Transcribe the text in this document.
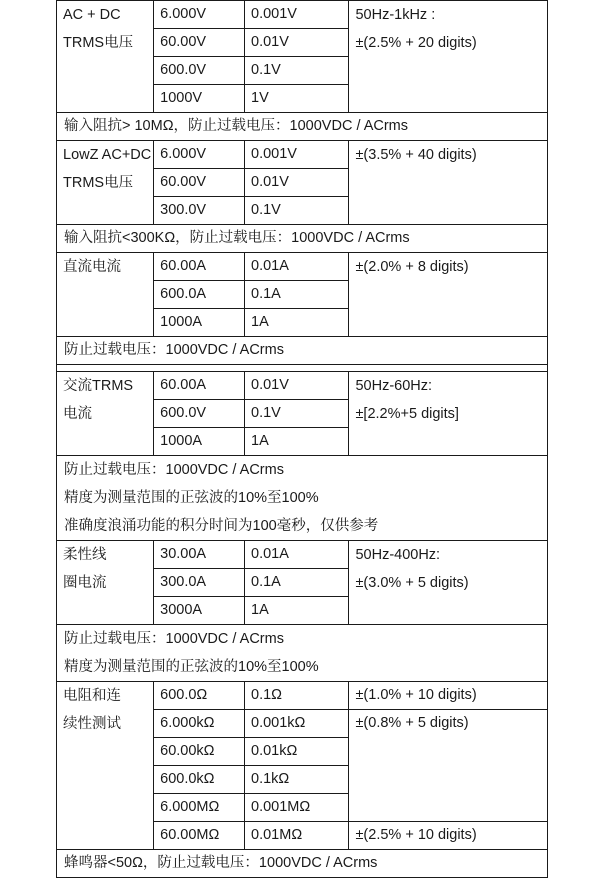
AC + DC
TRMS电压	6.000V	0.001V	50Hz-1kHz :
±(2.5% + 20 digits)

	60.00V	0.01V	
	600.0V	0.1V	
	1000V	1V	
输入阻抗> 10MΩ，防止过载电压：1000VDC / ACrms			

LowZ AC+DC
TRMS电压	6.000V	0.001V	±(3.5% + 40 digits)

	60.00V	0.01V	
	300.0V	0.1V	
输入阻抗<300KΩ，防止过载电压：1000VDC / ACrms			

直流电流	60.00A	0.01A	±(2.0% + 8 digits)

	600.0A	0.1A	
	1000A	1A	
防止过载电压：1000VDC / ACrms			

交流TRMS
电流	60.00A	0.01V	50Hz-60Hz:
±[2.2%+5 digits]

	600.0V	0.1V	
	1000A	1A	

防止过载电压：1000VDC / ACrms
精度为测量范围的正弦波的10%至100%
准确度浪涌功能的积分时间为100毫秒，仅供参考			

柔性线
圈电流	30.00A	0.01A	50Hz-400Hz:
±(3.0% + 5 digits)

	300.0A	0.1A	
	3000A	1A	

防止过载电压：1000VDC / ACrms
精度为测量范围的正弦波的10%至100%			

电阻和连
续性测试	600.0Ω	0.1Ω	±(1.0% + 10 digits)
	6.000kΩ	0.001kΩ	±(0.8% + 5 digits)
	60.00kΩ	0.01kΩ	
	600.0kΩ	0.1kΩ	
	6.000MΩ	0.001MΩ	
	60.00MΩ	0.01MΩ	±(2.5% + 10 digits)
蜂鸣器<50Ω，防止过载电压：1000VDC / ACrms			
